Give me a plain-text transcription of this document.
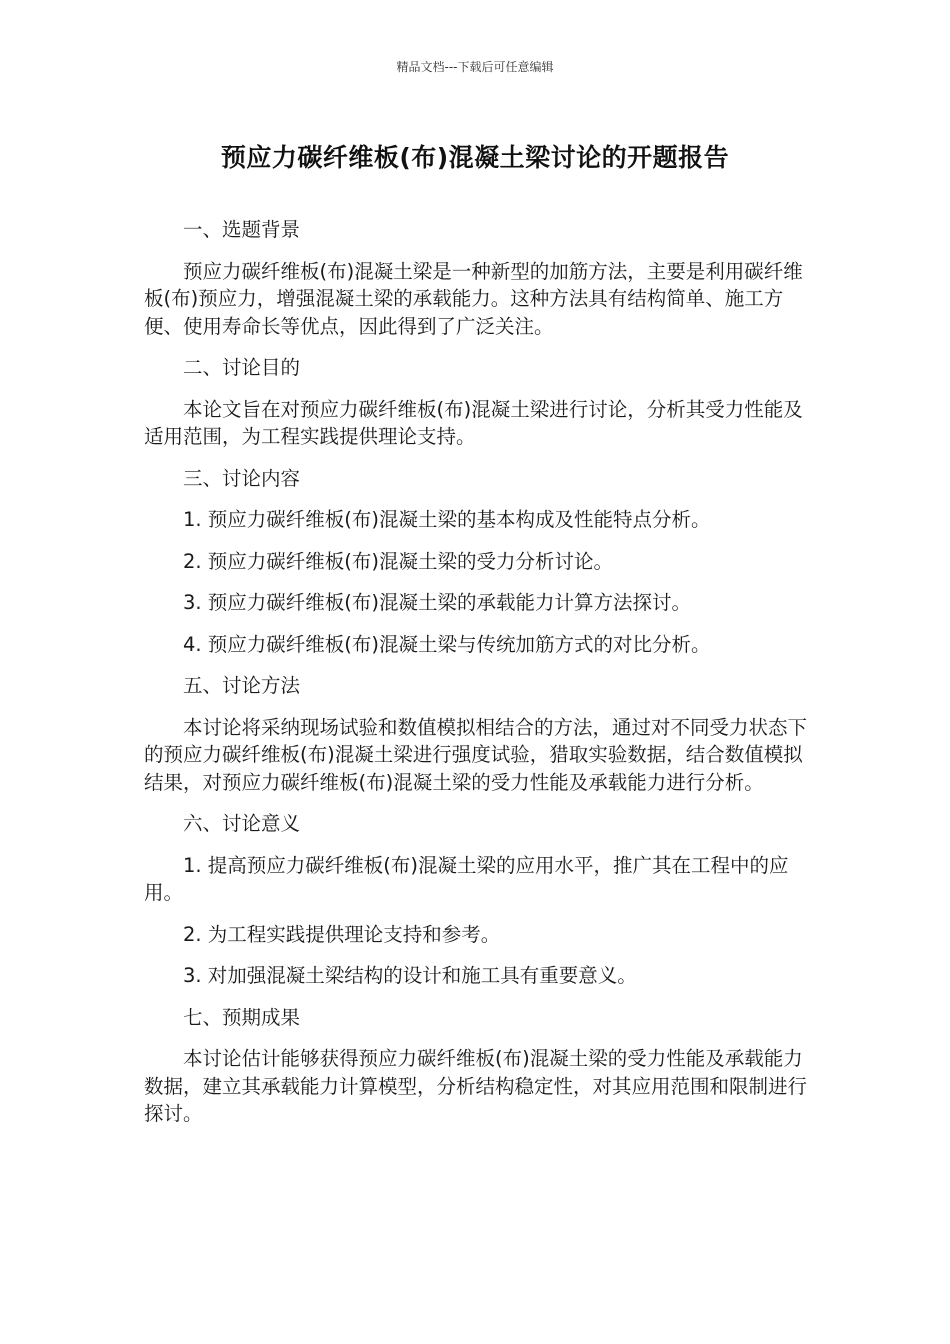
精品文档---下载后可任意编辑
预应力碳纤维板(布)混凝土梁讨论的开题报告

一、选题背景

预应力碳纤维板(布)混凝土梁是一种新型的加筋方法，主要是利用碳纤维板(布)预应力，增强混凝土梁的承载能力。这种方法具有结构简单、施工方便、使用寿命长等优点，因此得到了广泛关注。

二、讨论目的

本论文旨在对预应力碳纤维板(布)混凝土梁进行讨论，分析其受力性能及适用范围，为工程实践提供理论支持。

三、讨论内容

1. 预应力碳纤维板(布)混凝土梁的基本构成及性能特点分析。

2. 预应力碳纤维板(布)混凝土梁的受力分析讨论。

3. 预应力碳纤维板(布)混凝土梁的承载能力计算方法探讨。

4. 预应力碳纤维板(布)混凝土梁与传统加筋方式的对比分析。

五、讨论方法

本讨论将采纳现场试验和数值模拟相结合的方法，通过对不同受力状态下的预应力碳纤维板(布)混凝土梁进行强度试验，猎取实验数据，结合数值模拟结果，对预应力碳纤维板(布)混凝土梁的受力性能及承载能力进行分析。

六、讨论意义

1. 提高预应力碳纤维板(布)混凝土梁的应用水平，推广其在工程中的应用。

2. 为工程实践提供理论支持和参考。

3. 对加强混凝土梁结构的设计和施工具有重要意义。

七、预期成果

本讨论估计能够获得预应力碳纤维板(布)混凝土梁的受力性能及承载能力数据，建立其承载能力计算模型，分析结构稳定性，对其应用范围和限制进行探讨。
